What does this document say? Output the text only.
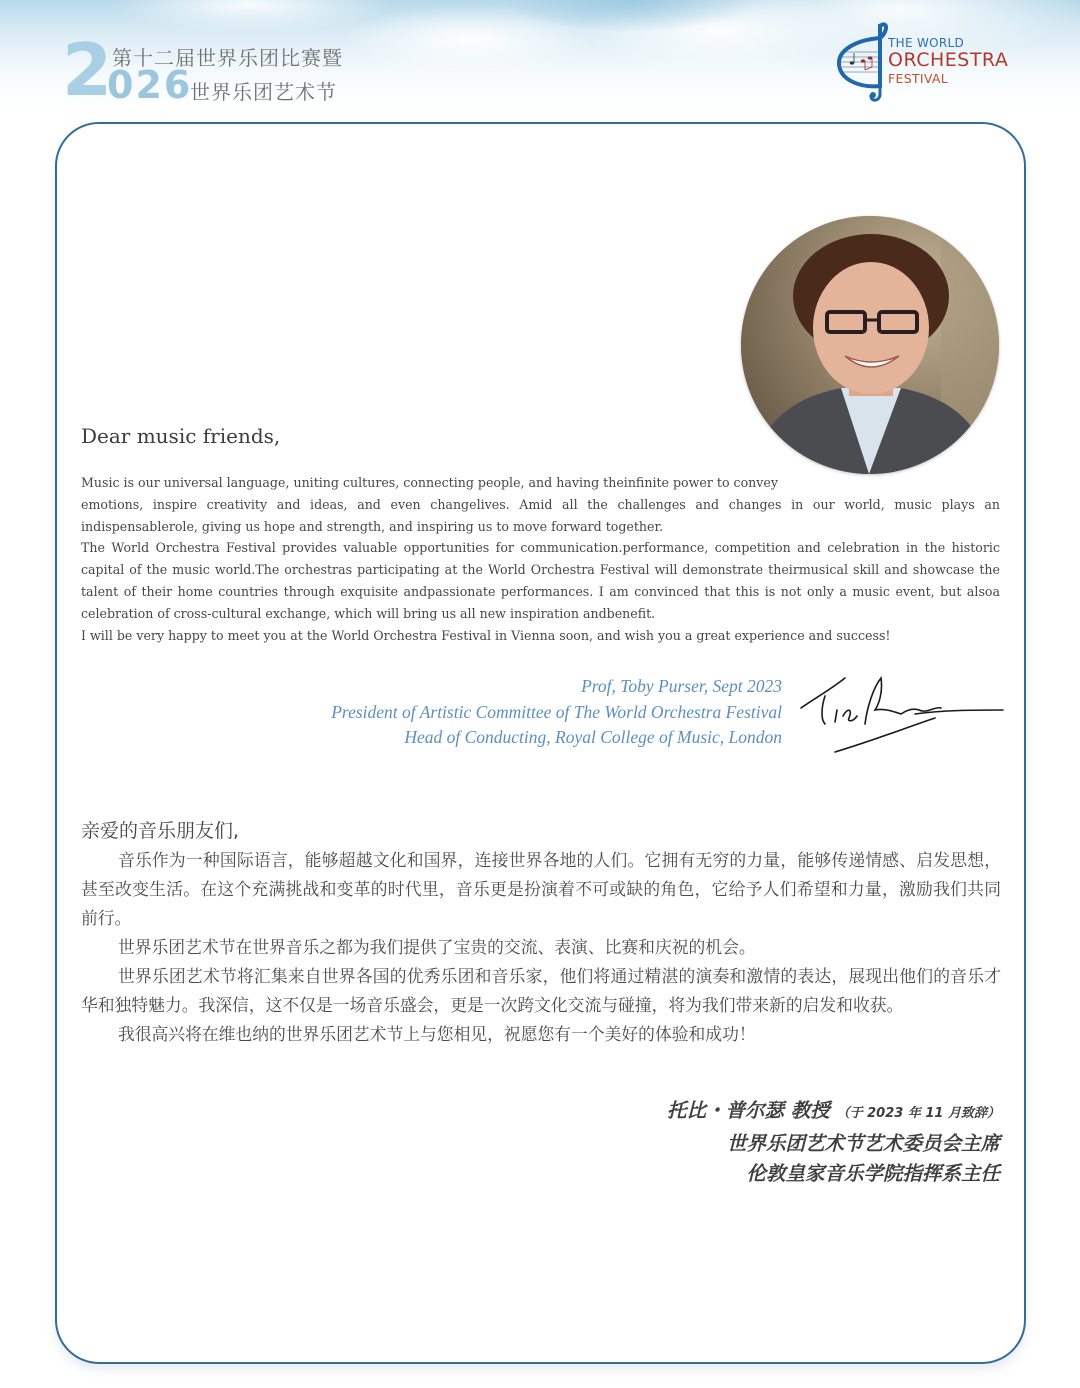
2
026
第十二届世界乐团比赛暨
世界乐团艺术节
THE WORLD
ORCHESTRA
FESTIVAL
Dear music friends,

Music is our universal language, uniting cultures, connecting people, and having theinfinite power to convey

emotions, inspire creativity and ideas, and even changelives. Amid all the challenges and changes in our world, music plays an indispensablerole, giving us hope and strength, and inspiring us to move forward together.

The World Orchestra Festival provides valuable opportunities for communication.performance, competition and celebration in the historic capital of the music world.The orchestras participating at the World Orchestra Festival will demonstrate theirmusical skill and showcase the talent of their home countries through exquisite andpassionate performances. I am convinced that this is not only a music event, but alsoa celebration of cross-cultural exchange, which will bring us all new inspiration andbenefit.

I will be very happy to meet you at the World Orchestra Festival in Vienna soon, and wish you a great experience and success!

Prof, Toby Purser, Sept 2023
President of Artistic Committee of The World Orchestra Festival
Head of Conducting, Royal College of Music, London
亲爱的音乐朋友们,

音乐作为一种国际语言，能够超越文化和国界，连接世界各地的人们。它拥有无穷的力量，能够传递情感、启发思想，甚至改变生活。在这个充满挑战和变革的时代里，音乐更是扮演着不可或缺的角色，它给予人们希望和力量，激励我们共同前行。

世界乐团艺术节在世界音乐之都为我们提供了宝贵的交流、表演、比赛和庆祝的机会。

世界乐团艺术节将汇集来自世界各国的优秀乐团和音乐家，他们将通过精湛的演奏和激情的表达，展现出他们的音乐才华和独特魅力。我深信，这不仅是一场音乐盛会，更是一次跨文化交流与碰撞，将为我们带来新的启发和收获。

我很高兴将在维也纳的世界乐团艺术节上与您相见，祝愿您有一个美好的体验和成功！

托比・普尔瑟 教授 （于 2023 年 11 月致辞）
世界乐团艺术节艺术委员会主席
伦敦皇家音乐学院指挥系主任
